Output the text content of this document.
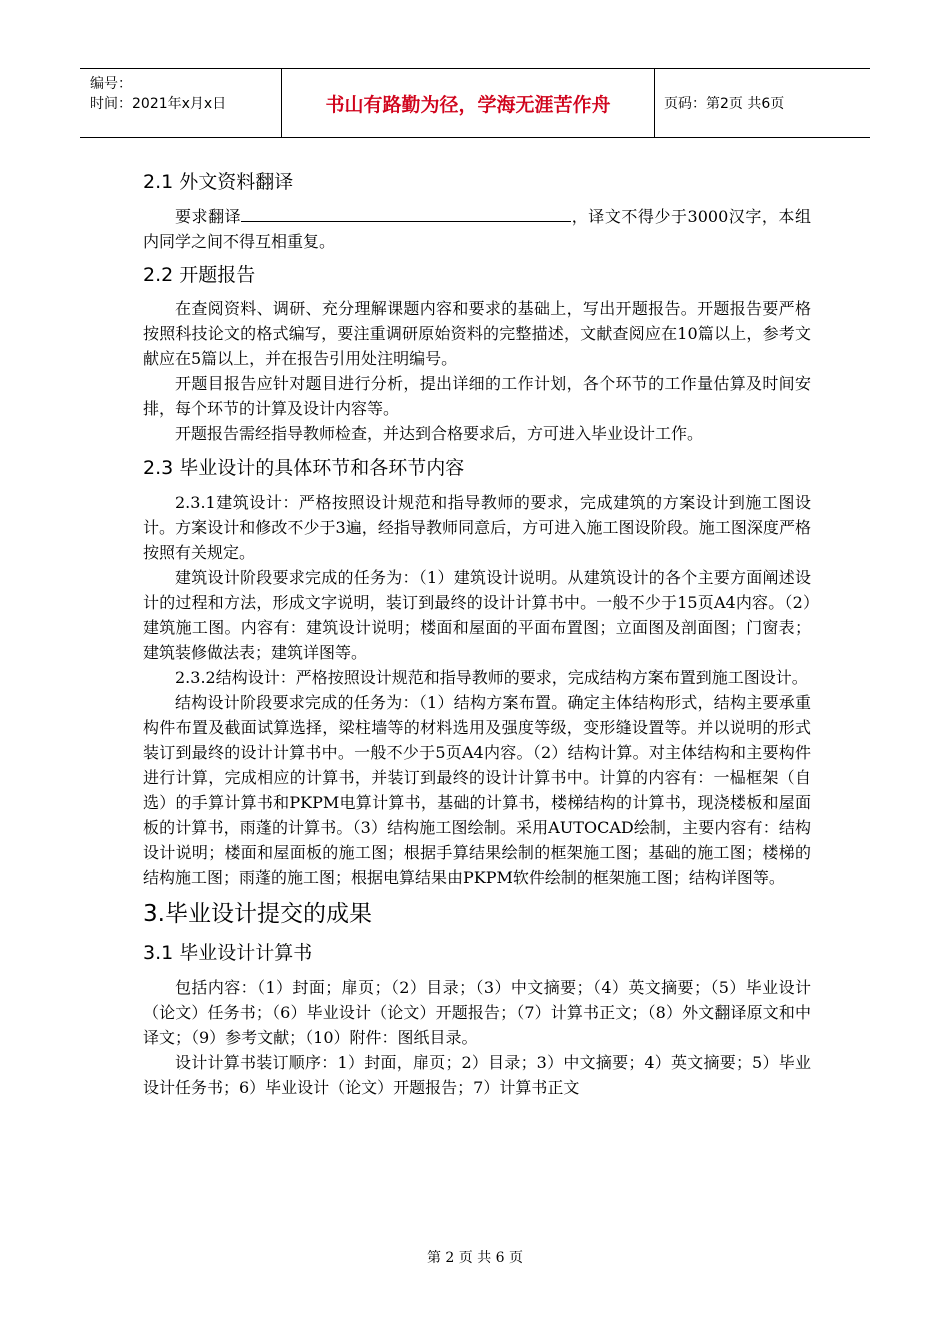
编号：
时间：2021年x月x日	书山有路勤为径，学海无涯苦作舟	页码：第2页 共6页
2.1 外文资料翻译

要求翻译	，译文不得少于3000汉字，本组内同学之间不得互相重复。

2.2 开题报告

在查阅资料、调研、充分理解课题内容和要求的基础上，写出开题报告。开题报告要严格按照科技论文的格式编写，要注重调研原始资料的完整描述，文献查阅应在10篇以上，参考文献应在5篇以上，并在报告引用处注明编号。

开题目报告应针对题目进行分析，提出详细的工作计划，各个环节的工作量估算及时间安排，每个环节的计算及设计内容等。

开题报告需经指导教师检查，并达到合格要求后，方可进入毕业设计工作。

2.3 毕业设计的具体环节和各环节内容

2.3.1建筑设计：严格按照设计规范和指导教师的要求，完成建筑的方案设计到施工图设计。方案设计和修改不少于3遍，经指导教师同意后，方可进入施工图设阶段。施工图深度严格按照有关规定。

建筑设计阶段要求完成的任务为：（1）建筑设计说明。从建筑设计的各个主要方面阐述设计的过程和方法，形成文字说明，装订到最终的设计计算书中。一般不少于15页A4内容。（2）建筑施工图。内容有：建筑设计说明；楼面和屋面的平面布置图；立面图及剖面图；门窗表；建筑装修做法表；建筑详图等。

2.3.2结构设计：严格按照设计规范和指导教师的要求，完成结构方案布置到施工图设计。

结构设计阶段要求完成的任务为：（1）结构方案布置。确定主体结构形式，结构主要承重构件布置及截面试算选择，梁柱墙等的材料选用及强度等级，变形缝设置等。并以说明的形式装订到最终的设计计算书中。一般不少于5页A4内容。（2）结构计算。对主体结构和主要构件进行计算，完成相应的计算书，并装订到最终的设计计算书中。计算的内容有：一榀框架（自选）的手算计算书和PKPM电算计算书，基础的计算书，楼梯结构的计算书，现浇楼板和屋面板的计算书，雨蓬的计算书。（3）结构施工图绘制。采用AUTOCAD绘制，主要内容有：结构设计说明；楼面和屋面板的施工图；根据手算结果绘制的框架施工图；基础的施工图；楼梯的结构施工图；雨蓬的施工图；根据电算结果由PKPM软件绘制的框架施工图；结构详图等。

3.毕业设计提交的成果
3.1 毕业设计计算书

包括内容：（1）封面；扉页；（2）目录；（3）中文摘要；（4）英文摘要；（5）毕业设计（论文）任务书；（6）毕业设计（论文）开题报告；（7）计算书正文；（8）外文翻译原文和中译文；（9）参考文献；（10）附件：图纸目录。

设计计算书装订顺序：1）封面，扉页；2）目录；3）中文摘要；4）英文摘要；5）毕业设计任务书；6）毕业设计（论文）开题报告；7）计算书正文

第 2 页 共 6 页
